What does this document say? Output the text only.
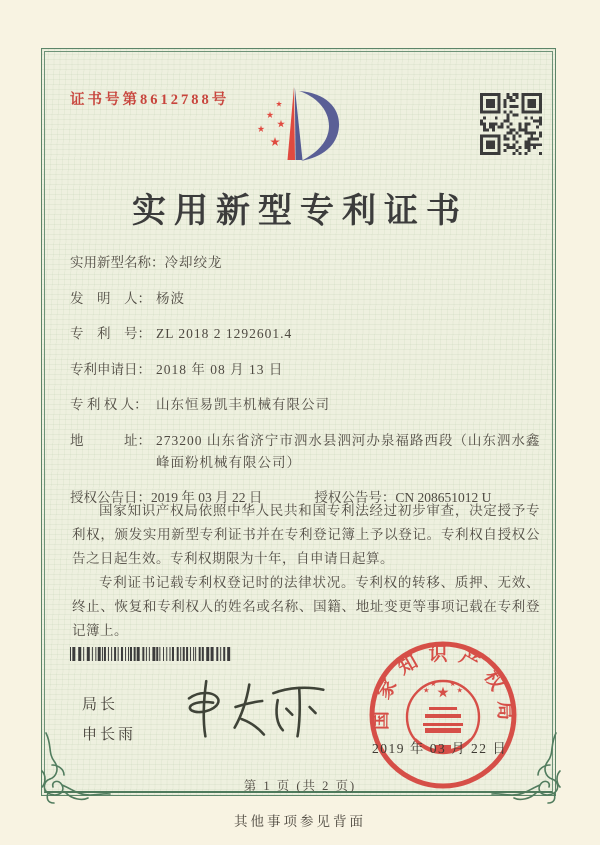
证书号第8612788号
实用新型专利证书
实用新型名称： 冷却绞龙
发　明　人： 杨波
专　利　号： ZL 2018 2 1292601.4
专利申请日： 2018 年 08 月 13 日
专 利 权 人： 山东恒易凯丰机械有限公司
地　　　址： 273200 山东省济宁市泗水县泗河办泉福路西段（山东泗水鑫峰面粉机械有限公司）
授权公告日： 2019 年 03 月 22 日	授权公告号： CN 208651012 U

国家知识产权局依照中华人民共和国专利法经过初步审查，决定授予专利权，颁发实用新型专利证书并在专利登记簿上予以登记。专利权自授权公告之日起生效。专利权期限为十年，自申请日起算。

专利证书记载专利权登记时的法律状况。专利权的转移、质押、无效、终止、恢复和专利权人的姓名或名称、国籍、地址变更等事项记载在专利登记簿上。

局长
申长雨
国家知识产权局
2019 年 03 月 22 日
第 1 页 (共 2 页)
其他事项参见背面
